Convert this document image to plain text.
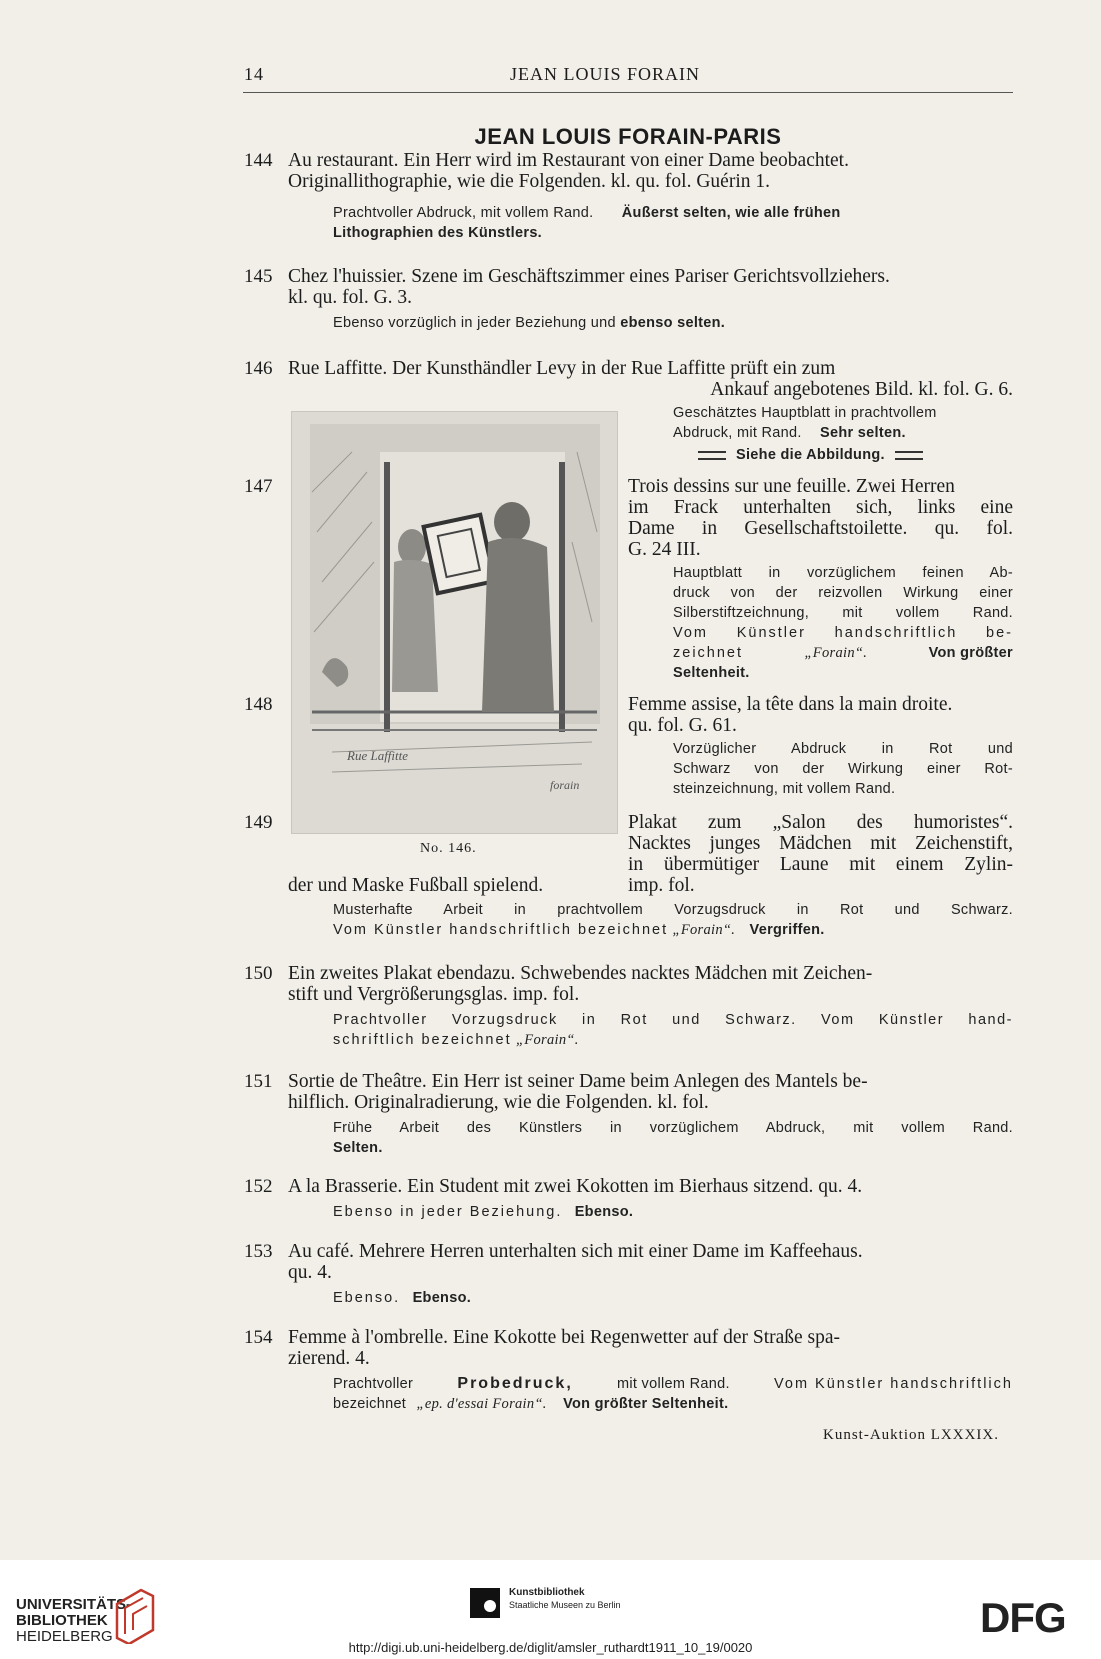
14	JEAN LOUIS FORAIN
JEAN LOUIS FORAIN-PARIS
144 Au restaurant. Ein Herr wird im Restaurant von einer Dame beobachtet.
Originallithographie, wie die Folgenden. kl. qu. fol. Guérin 1.
Prachtvoller Abdruck, mit vollem Rand. Äußerst selten, wie alle frühen
Lithographien des Künstlers.
145 Chez l'huissier. Szene im Geschäftszimmer eines Pariser Gerichtsvollziehers.
kl. qu. fol. G. 3.
Ebenso vorzüglich in jeder Beziehung und ebenso selten.
146 Rue Laffitte. Der Kunsthändler Levy in der Rue Laffitte prüft ein zum
Ankauf angebotenes Bild. kl. fol. G. 6.
Geschätztes Hauptblatt in prachtvollem
Abdruck, mit Rand. Sehr selten.
Siehe die Abbildung.
Rue Laffitte
forain
No. 146.
147	Trois dessins sur une feuille. Zwei Herren
im Frack unterhalten sich, links eine
Dame in Gesellschaftstoilette. qu. fol.
G. 24 III.
Hauptblatt in vorzüglichem feinen Ab-
druck von der reizvollen Wirkung einer
Silberstiftzeichnung, mit vollem Rand.
Vom Künstler handschriftlich be-
zeichnet	„Forain“.	Von größter
Seltenheit.
148	Femme assise, la tête dans la main droite.
qu. fol. G. 61.
Vorzüglicher Abdruck in Rot und
Schwarz von der Wirkung einer Rot-
steinzeichnung, mit vollem Rand.
149	Plakat zum „Salon des humoristes“.
Nacktes junges Mädchen mit Zeichenstift,
in übermütiger Laune mit einem Zylin-
der und Maske Fußball spielend.	imp. fol.
Musterhafte Arbeit in prachtvollem Vorzugsdruck in Rot und Schwarz.
Vom Künstler handschriftlich bezeichnet „Forain“. Vergriffen.
150 Ein zweites Plakat ebendazu. Schwebendes nacktes Mädchen mit Zeichen-
stift und Vergrößerungsglas. imp. fol.
Prachtvoller Vorzugsdruck in Rot und Schwarz. Vom Künstler hand-
schriftlich bezeichnet „Forain“.
151 Sortie de Theâtre. Ein Herr ist seiner Dame beim Anlegen des Mantels be-
hilflich. Originalradierung, wie die Folgenden. kl. fol.
Frühe Arbeit des Künstlers in vorzüglichem Abdruck, mit vollem Rand.
Selten.
152 A la Brasserie. Ein Student mit zwei Kokotten im Bierhaus sitzend. qu. 4.
Ebenso in jeder Beziehung. Ebenso.
153 Au café. Mehrere Herren unterhalten sich mit einer Dame im Kaffeehaus.
qu. 4.
Ebenso. Ebenso.
154 Femme à l'ombrelle. Eine Kokotte bei Regenwetter auf der Straße spa-
zierend. 4.
Prachtvoller	Probedruck,	mit vollem Rand.	Vom Künstler handschriftlich
bezeichnet „ep. d'essai Forain“. Von größter Seltenheit.
Kunst-Auktion LXXXIX.
UNIVERSITÄTS-
BIBLIOTHEK
HEIDELBERG
Kunstbibliothek
Staatliche Museen zu Berlin	DFG
http://digi.ub.uni-heidelberg.de/diglit/amsler_ruthardt1911_10_19/0020
